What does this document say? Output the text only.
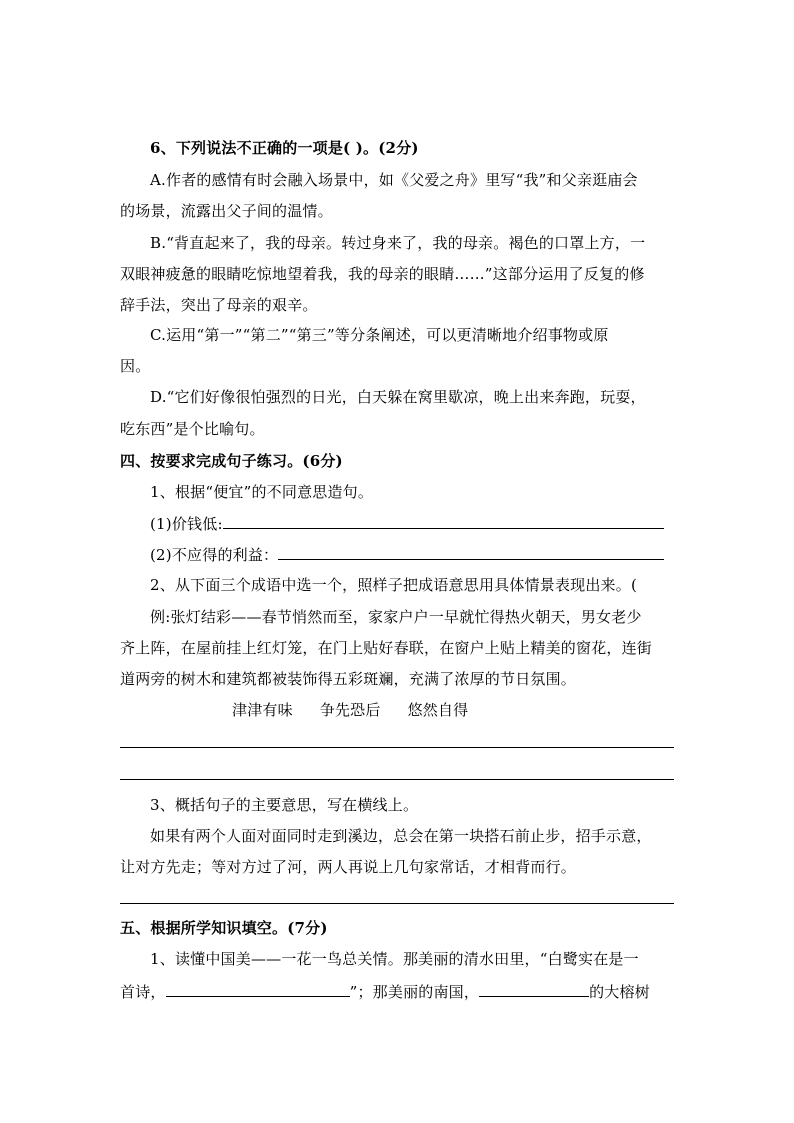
6、下列说法不正确的一项是( )。(2分)
A.作者的感情有时会融入场景中，如《父爱之舟》里写“我”和父亲逛庙会
的场景，流露出父子间的温情。
B.“背直起来了，我的母亲。转过身来了，我的母亲。褐色的口罩上方，一
双眼神疲惫的眼睛吃惊地望着我，我的母亲的眼睛……”这部分运用了反复的修
辞手法，突出了母亲的艰辛。
C.运用“第一”“第二”“第三”等分条阐述，可以更清晰地介绍事物或原
因。
D.“它们好像很怕强烈的日光，白天躲在窝里歇凉，晚上出来奔跑，玩耍，
吃东西”是个比喻句。
四、按要求完成句子练习。(6分)
1、根据“便宜”的不同意思造句。
(1)价钱低:
(2)不应得的利益：
2、从下面三个成语中选一个，照样子把成语意思用具体情景表现出来。(
例:张灯结彩——春节悄然而至，家家户户一早就忙得热火朝天，男女老少
齐上阵，在屋前挂上红灯笼，在门上贴好春联，在窗户上贴上精美的窗花，连街
道两旁的树木和建筑都被装饰得五彩斑斓，充满了浓厚的节日氛围。
津津有味 争先恐后 悠然自得
3、概括句子的主要意思，写在横线上。
如果有两个人面对面同时走到溪边，总会在第一块搭石前止步，招手示意，
让对方先走；等对方过了河，两人再说上几句家常话，才相背而行。
五、根据所学知识填空。(7分)
1、读懂中国美——一花一鸟总关情。那美丽的清水田里，“白鹭实在是一
首诗，	”；那美丽的南国，	的大榕树
